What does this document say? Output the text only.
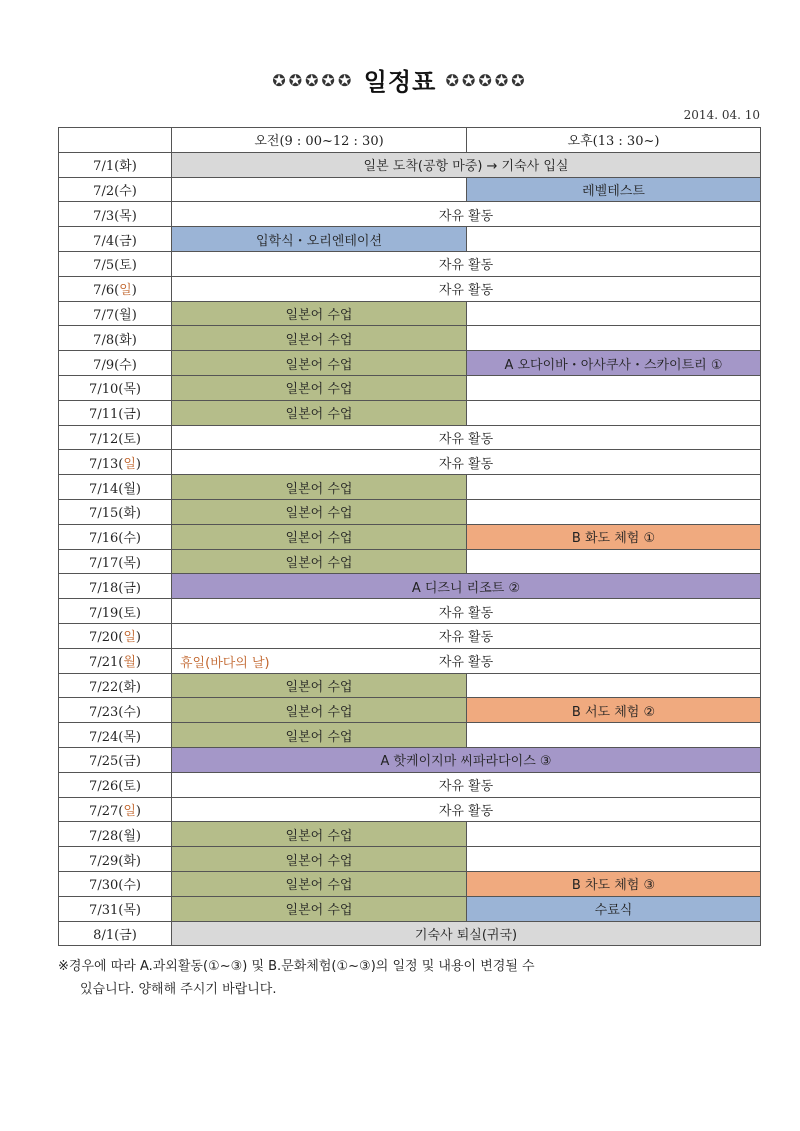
✪✪✪✪✪ 일정표 ✪✪✪✪✪
2014. 04. 10
	오전(9 : 00~12 : 30)	오후(13 : 30~)
7/1(화)	일본 도착(공항 마중) → 기숙사 입실	
7/2(수)		레벨테스트
7/3(목)	자유 활동	
7/4(금)	입학식・오리엔테이션	
7/5(토)	자유 활동	
7/6(일)	자유 활동	
7/7(월)	일본어 수업	
7/8(화)	일본어 수업	
7/9(수)	일본어 수업	A 오다이바・아사쿠사・스카이트리 ①
7/10(목)	일본어 수업	
7/11(금)	일본어 수업	
7/12(토)	자유 활동	
7/13(일)	자유 활동	
7/14(월)	일본어 수업	
7/15(화)	일본어 수업	
7/16(수)	일본어 수업	B 화도 체험 ①
7/17(목)	일본어 수업	
7/18(금)	A 디즈니 리조트 ②	
7/19(토)	자유 활동	
7/20(일)	자유 활동	
7/21(월)	휴일(바다의 날) 자유 활동	
7/22(화)	일본어 수업	
7/23(수)	일본어 수업	B 서도 체험 ②
7/24(목)	일본어 수업	
7/25(금)	A 핫케이지마 씨파라다이스 ③	
7/26(토)	자유 활동	
7/27(일)	자유 활동	
7/28(월)	일본어 수업	
7/29(화)	일본어 수업	
7/30(수)	일본어 수업	B 차도 체험 ③
7/31(목)	일본어 수업	수료식
8/1(금)	기숙사 퇴실(귀국)	
※경우에 따라 A.과외활동(①~③) 및 B.문화체험(①~③)의 일정 및 내용이 변경될 수
있습니다. 양해해 주시기 바랍니다.
